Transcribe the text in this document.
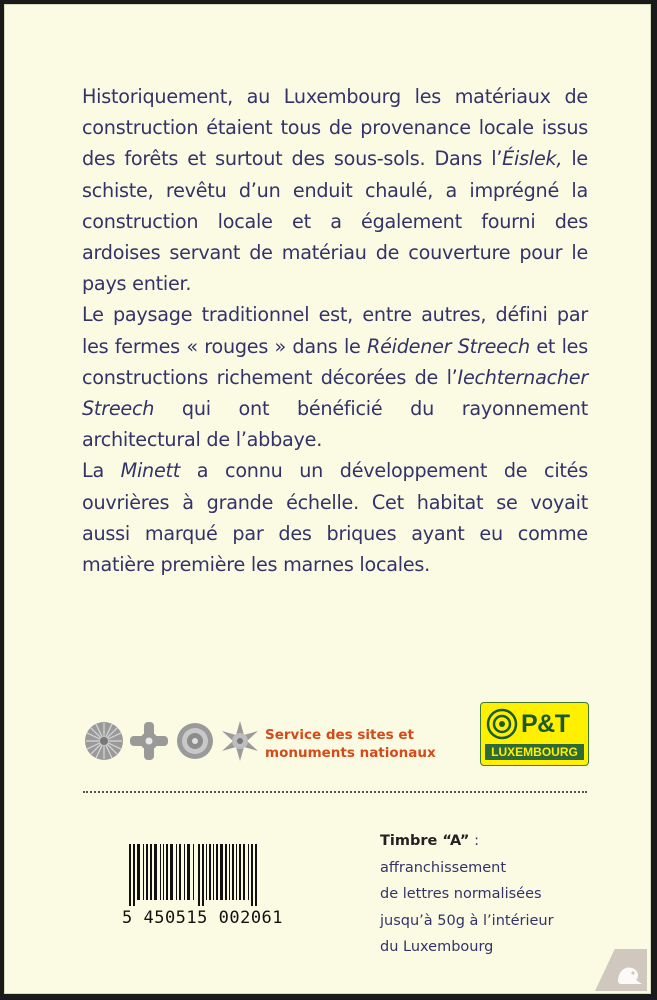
Historiquement, au Luxembourg les matériaux de construction étaient tous de provenance locale issus des forêts et surtout des sous-sols. Dans l’Éislek, le schiste, revêtu d’un enduit chaulé, a imprégné la construction locale et a également fourni des ardoises servant de matériau de couverture pour le pays entier.

Le paysage traditionnel est, entre autres, défini par les fermes « rouges » dans le Réidener Streech et les constructions richement décorées de l’Iechternacher Streech qui ont bénéficié du rayonnement architectural de l’abbaye.

La Minett a connu un développement de cités ouvrières à grande échelle. Cet habitat se voyait aussi marqué par des briques ayant eu comme matière première les marnes locales.

Service des sites et
monuments nationaux
P&T
LUXEMBOURG
5 450515 002061
Timbre “A” :
affranchissement
de lettres normalisées
jusqu’à 50g à l’intérieur
du Luxembourg
